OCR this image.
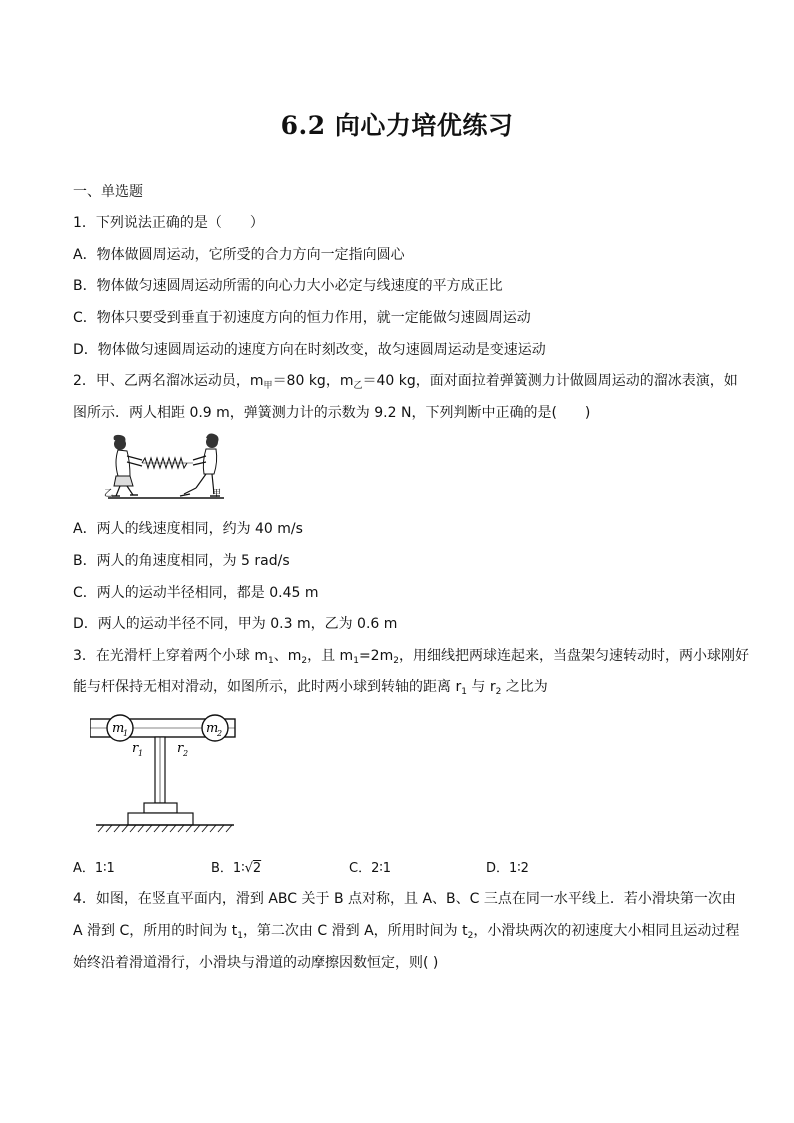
6.2 向心力培优练习
一、单选题
1．下列说法正确的是（　　）
A．物体做圆周运动，它所受的合力方向一定指向圆心
B．物体做匀速圆周运动所需的向心力大小必定与线速度的平方成正比
C．物体只要受到垂直于初速度方向的恒力作用，就一定能做匀速圆周运动
D．物体做匀速圆周运动的速度方向在时刻改变，故匀速圆周运动是变速运动
2．甲、乙两名溜冰运动员，$m_甲=80$ kg，$m_乙=40$ kg，面对面拉着弹簧测力计做圆周运动的溜冰表演，如
图所示．两人相距 0.9 m，弹簧测力计的示数为 9.2 N，下列判断中正确的是(　　)
乙	甲
A．两人的线速度相同，约为 40 m/s
B．两人的角速度相同，为 5 rad/s
C．两人的运动半径相同，都是 0.45 m
D．两人的运动半径不同，甲为 0.3 m，乙为 0.6 m
3．在光滑杆上穿着两个小球 $m_1$、$m_2$，且 $m_1=2m_2$，用细线把两球连起来，当盘架匀速转动时，两小球刚好
能与杆保持无相对滑动，如图所示，此时两小球到转轴的距离 $r_1$ 与 $r_2$ 之比为
m
1	m
2
r 1	r 2
A．1∶1	B．1∶√2	C．2∶1	D．1∶2
4．如图，在竖直平面内，滑到 ABC 关于 B 点对称，且 A、B、C 三点在同一水平线上．若小滑块第一次由
A 滑到 C，所用的时间为 $t_1$，第二次由 C 滑到 A，所用时间为 $t_2$，小滑块两次的初速度大小相同且运动过程
始终沿着滑道滑行，小滑块与滑道的动摩擦因数恒定，则( )
